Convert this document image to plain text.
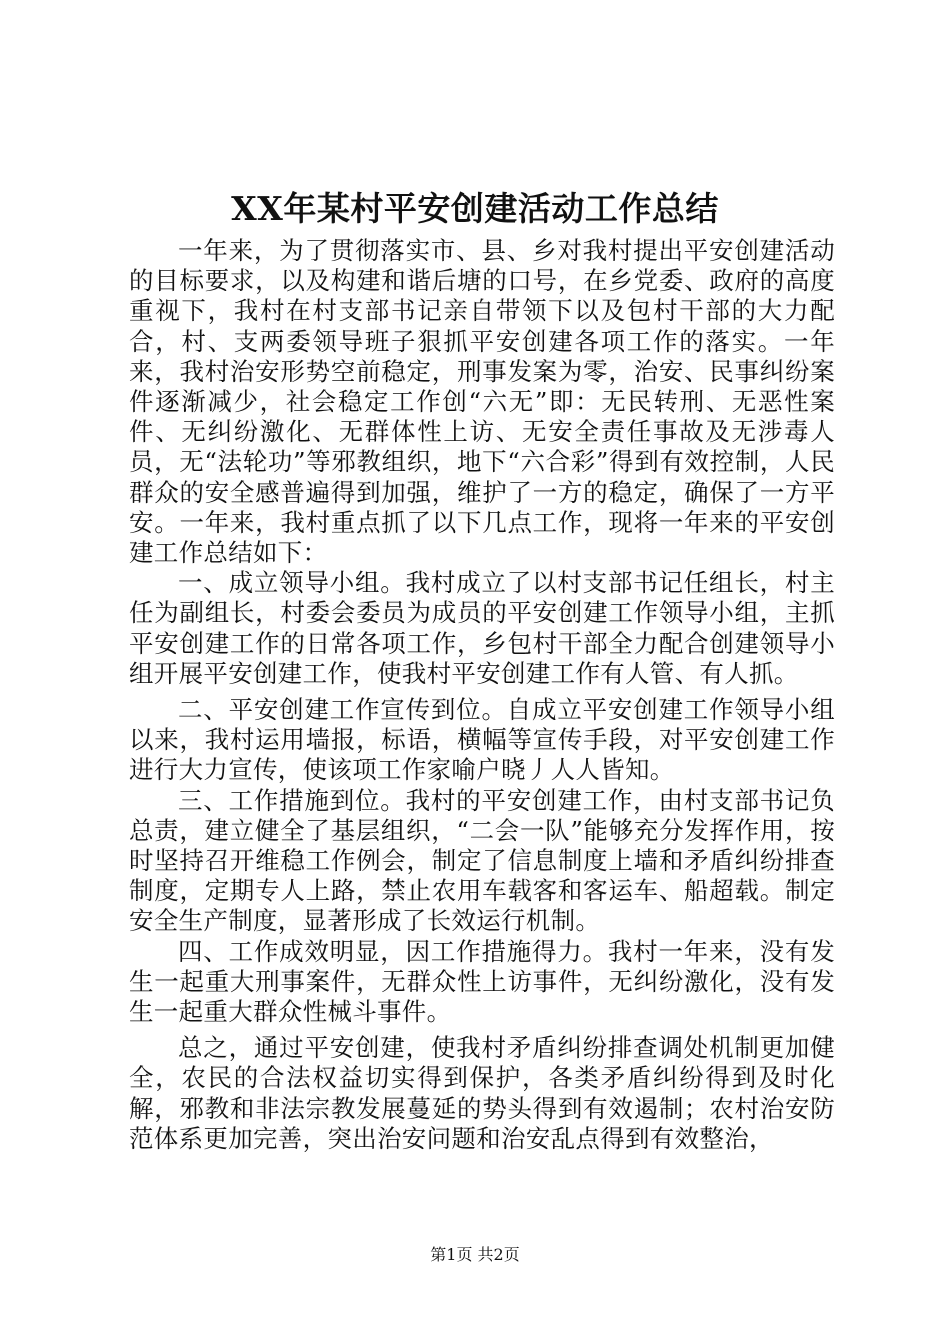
XX年某村平安创建活动工作总结

一年来，为了贯彻落实市、县、乡对我村提出平安创建活动的目标要求，以及构建和谐后塘的口号，在乡党委、政府的高度重视下，我村在村支部书记亲自带领下以及包村干部的大力配合，村、支两委领导班子狠抓平安创建各项工作的落实。一年来，我村治安形势空前稳定，刑事发案为零，治安、民事纠纷案件逐渐减少，社会稳定工作创“六无”即：无民转刑、无恶性案件、无纠纷激化、无群体性上访、无安全责任事故及无涉毒人员，无“法轮功”等邪教组织，地下“六合彩”得到有效控制，人民群众的安全感普遍得到加强，维护了一方的稳定，确保了一方平安。一年来，我村重点抓了以下几点工作，现将一年来的平安创建工作总结如下：

一、成立领导小组。我村成立了以村支部书记任组长，村主任为副组长，村委会委员为成员的平安创建工作领导小组，主抓平安创建工作的日常各项工作，乡包村干部全力配合创建领导小组开展平安创建工作，使我村平安创建工作有人管、有人抓。

二、平安创建工作宣传到位。自成立平安创建工作领导小组以来，我村运用墙报，标语，横幅等宣传手段，对平安创建工作进行大力宣传，使该项工作家喻户晓丿人人皆知。

三、工作措施到位。我村的平安创建工作，由村支部书记负总责，建立健全了基层组织，“二会一队”能够充分发挥作用，按时坚持召开维稳工作例会，制定了信息制度上墙和矛盾纠纷排查制度，定期专人上路，禁止农用车载客和客运车、船超载。制定安全生产制度，显著形成了长效运行机制。

四、工作成效明显，因工作措施得力。我村一年来，没有发生一起重大刑事案件，无群众性上访事件，无纠纷激化，没有发生一起重大群众性械斗事件。

总之，通过平安创建，使我村矛盾纠纷排查调处机制更加健全，农民的合法权益切实得到保护，各类矛盾纠纷得到及时化解，邪教和非法宗教发展蔓延的势头得到有效遏制；农村治安防范体系更加完善，突出治安问题和治安乱点得到有效整治，

第1页 共2页
